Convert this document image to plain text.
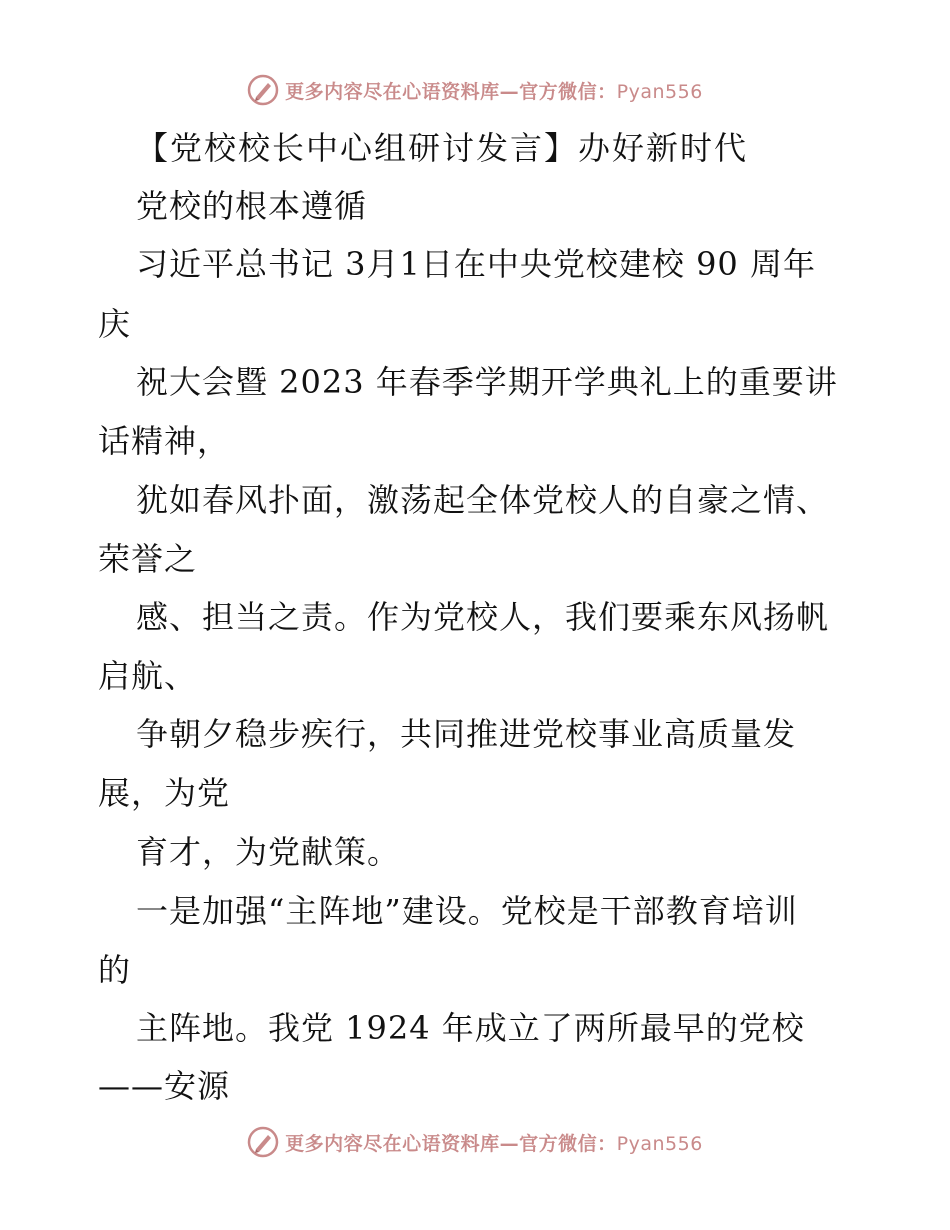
更多内容尽在心语资料库—官方微信：Pyan556
【党校校长中心组研讨发言】办好新时代
党校的根本遵循
习近平总书记 3月1日在中央党校建校 90 周年
庆
祝大会暨 2023 年春季学期开学典礼上的重要讲
话精神，
犹如春风扑面，激荡起全体党校人的自豪之情、
荣誉之
感、担当之责。作为党校人，我们要乘东风扬帆
启航、
争朝夕稳步疾行，共同推进党校事业高质量发
展，为党
育才，为党献策。
一是加强“主阵地”建设。党校是干部教育培训
的
主阵地。我党 1924 年成立了两所最早的党校
——安源
更多内容尽在心语资料库—官方微信：Pyan556
